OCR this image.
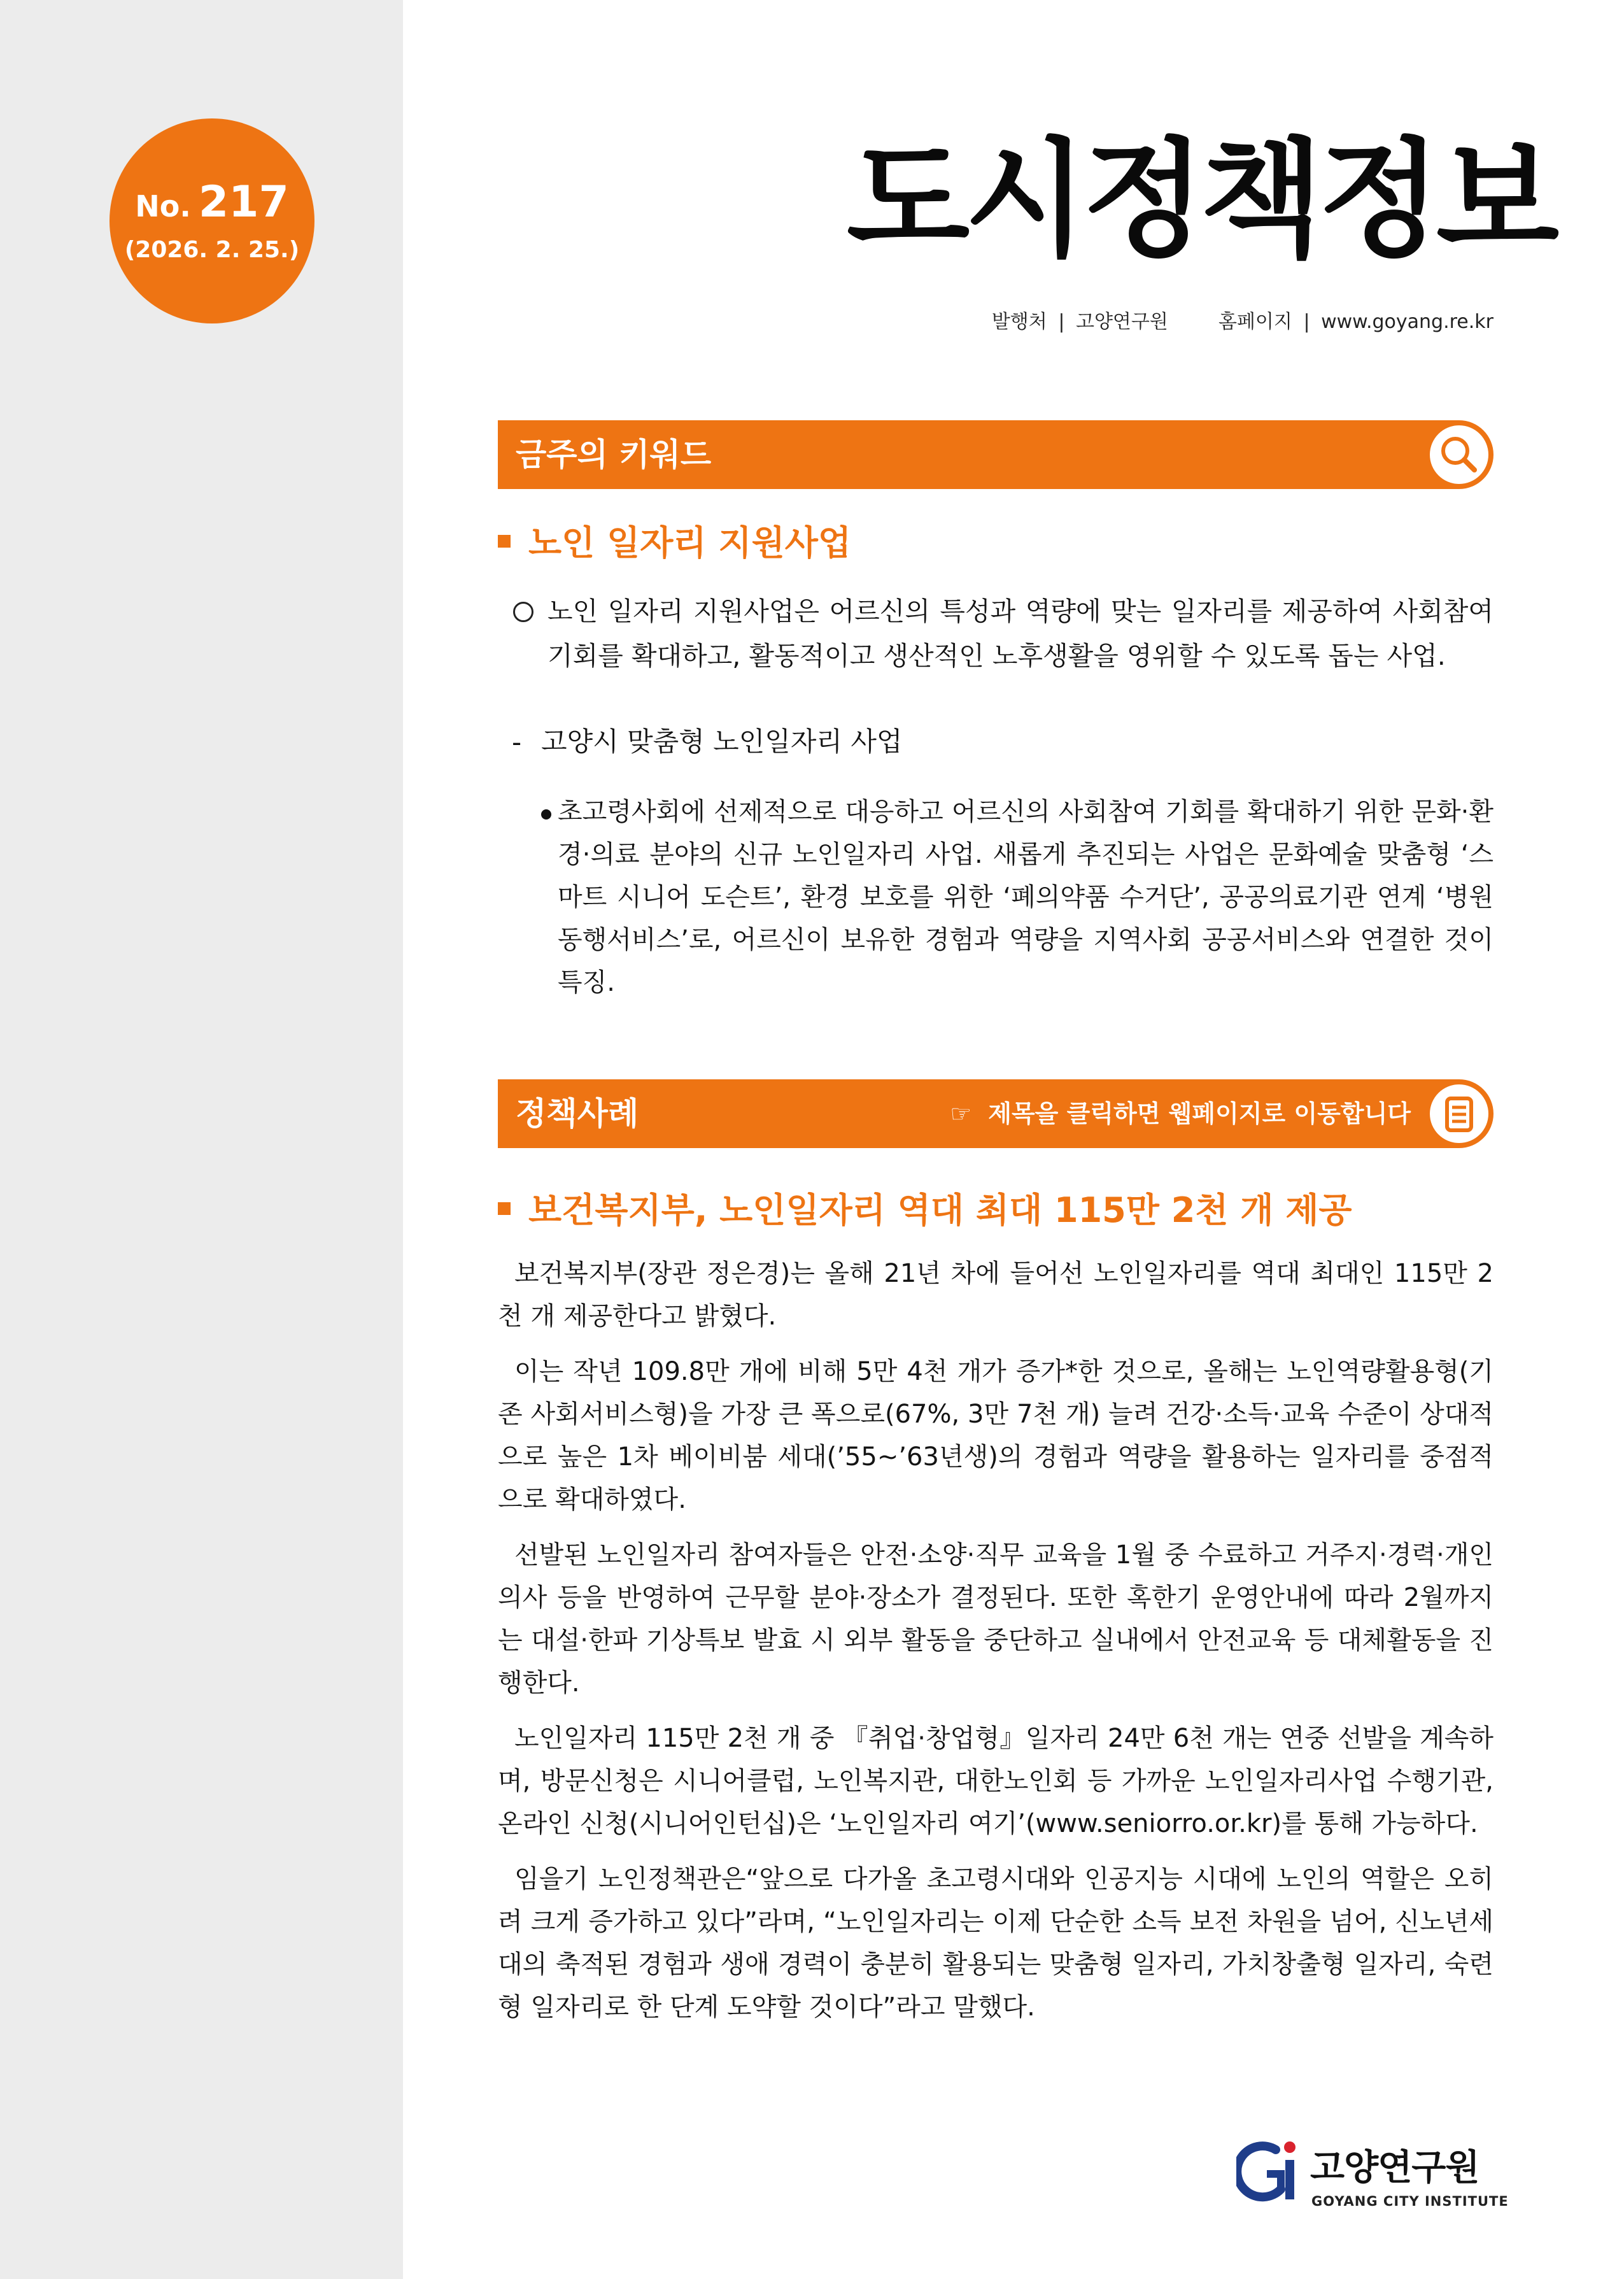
No. 217
(2026. 2. 25.)	도시정책정보
발행처 | 고양연구원	홈페이지 | www.goyang.re.kr
금주의 키워드
노인 일자리 지원사업
노인 일자리 지원사업은 어르신의 특성과 역량에 맞는 일자리를 제공하여 사회참여 기회를 확대하고, 활동적이고 생산적인 노후생활을 영위할 수 있도록 돕는 사업.
- 고양시 맞춤형 노인일자리 사업
초고령사회에 선제적으로 대응하고 어르신의 사회참여 기회를 확대하기 위한 문화·환경·의료 분야의 신규 노인일자리 사업. 새롭게 추진되는 사업은 문화예술 맞춤형 ‘스마트 시니어 도슨트’, 환경 보호를 위한 ‘폐의약품 수거단’, 공공의료기관 연계 ‘병원동행서비스’로, 어르신이 보유한 경험과 역량을 지역사회 공공서비스와 연결한 것이 특징.
정책사례	☞ 제목을 클릭하면 웹페이지로 이동합니다
보건복지부, 노인일자리 역대 최대 115만 2천 개 제공

보건복지부(장관 정은경)는 올해 21년 차에 들어선 노인일자리를 역대 최대인 115만 2천 개 제공한다고 밝혔다.

이는 작년 109.8만 개에 비해 5만 4천 개가 증가*한 것으로, 올해는 노인역량활용형(기존 사회서비스형)을 가장 큰 폭으로(67%, 3만 7천 개) 늘려 건강·소득·교육 수준이 상대적으로 높은 1차 베이비붐 세대(’55~’63년생)의 경험과 역량을 활용하는 일자리를 중점적으로 확대하였다.

선발된 노인일자리 참여자들은 안전·소양·직무 교육을 1월 중 수료하고 거주지·경력·개인의사 등을 반영하여 근무할 분야·장소가 결정된다. 또한 혹한기 운영안내에 따라 2월까지는 대설·한파 기상특보 발효 시 외부 활동을 중단하고 실내에서 안전교육 등 대체활동을 진행한다.

노인일자리 115만 2천 개 중 『취업·창업형』일자리 24만 6천 개는 연중 선발을 계속하며, 방문신청은 시니어클럽, 노인복지관, 대한노인회 등 가까운 노인일자리사업 수행기관, 온라인 신청(시니어인턴십)은 ‘노인일자리 여기’(www.seniorro.or.kr)를 통해 가능하다.

임을기 노인정책관은“앞으로 다가올 초고령시대와 인공지능 시대에 노인의 역할은 오히려 크게 증가하고 있다”라며, “노인일자리는 이제 단순한 소득 보전 차원을 넘어, 신노년세대의 축적된 경험과 생애 경력이 충분히 활용되는 맞춤형 일자리, 가치창출형 일자리, 숙련형 일자리로 한 단계 도약할 것이다”라고 말했다.

고양연구원
GOYANG CITY INSTITUTE
